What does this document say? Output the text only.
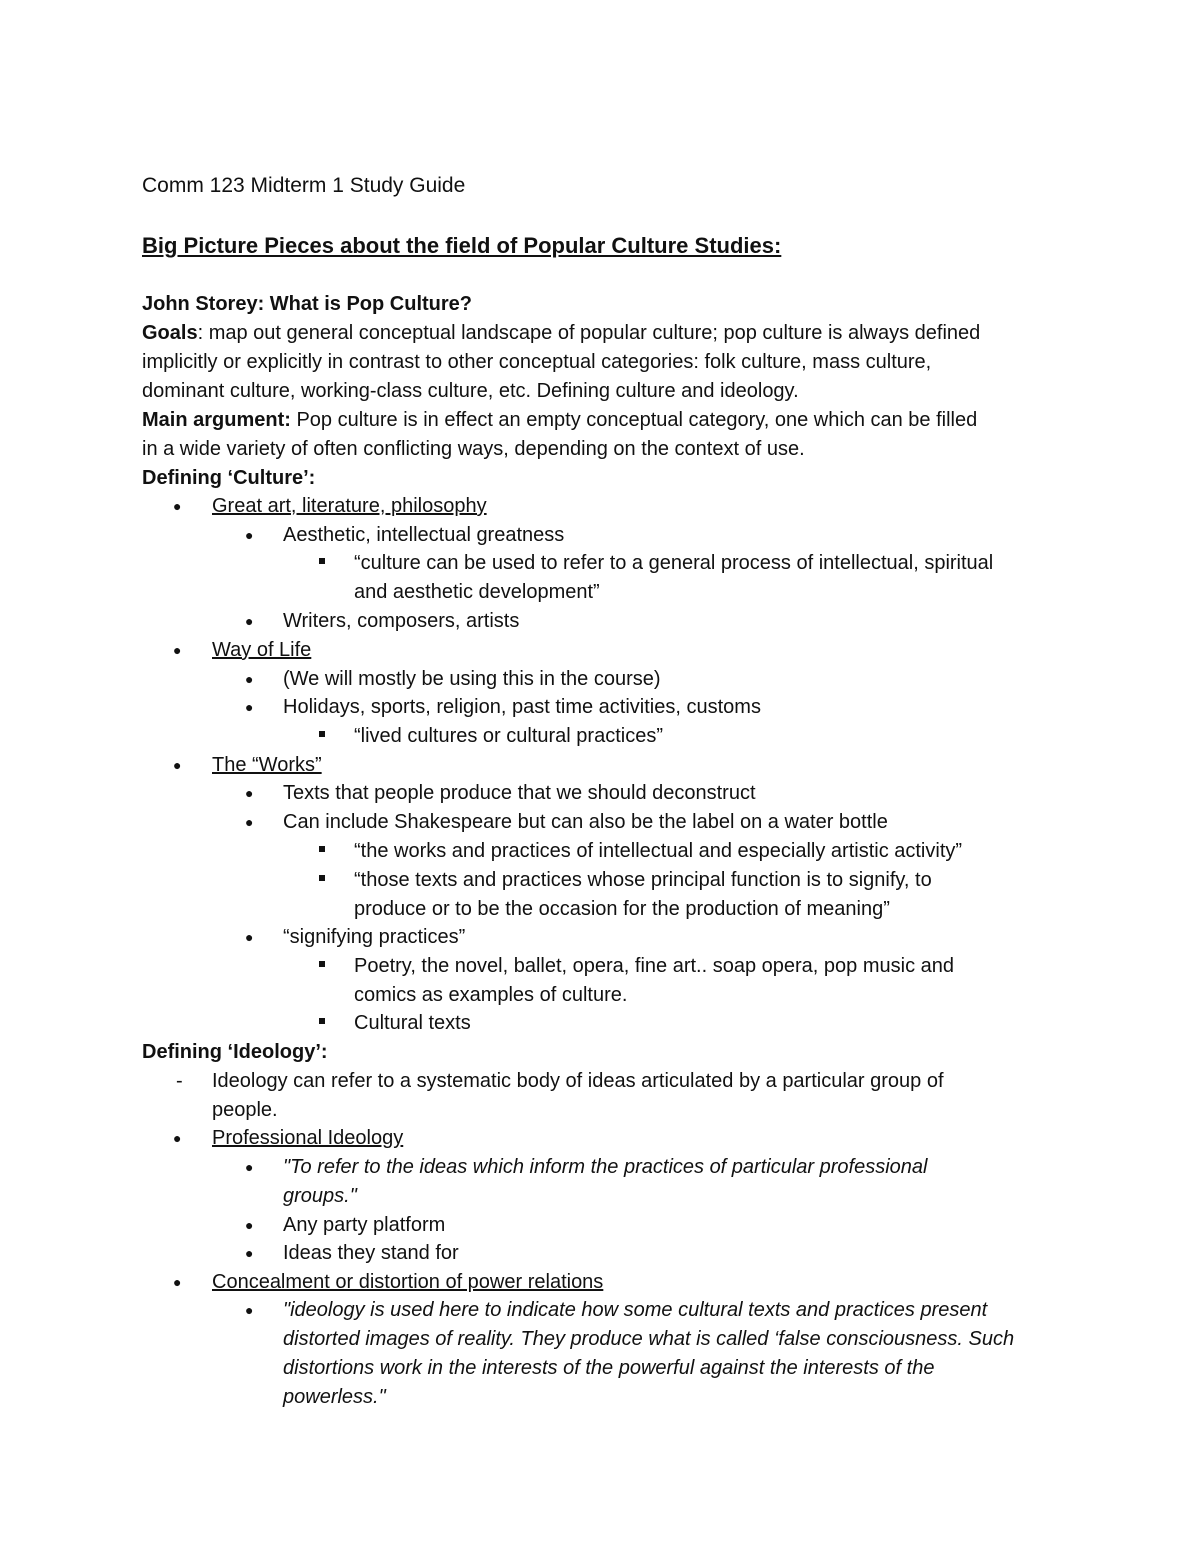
Comm 123 Midterm 1 Study Guide
Big Picture Pieces about the field of Popular Culture Studies:
John Storey: What is Pop Culture?
Goals: map out general conceptual landscape of popular culture; pop culture is always defined
implicitly or explicitly in contrast to other conceptual categories: folk culture, mass culture,
dominant culture, working-class culture, etc. Defining culture and ideology.
Main argument: Pop culture is in effect an empty conceptual category, one which can be filled
in a wide variety of often conflicting ways, depending on the context of use.
Defining ‘Culture’:
● Great art, literature, philosophy
● Aesthetic, intellectual greatness
“culture can be used to refer to a general process of intellectual, spiritual
and aesthetic development”
● Writers, composers, artists
● Way of Life
● (We will mostly be using this in the course)
● Holidays, sports, religion, past time activities, customs
“lived cultures or cultural practices”
● The “Works”
● Texts that people produce that we should deconstruct
● Can include Shakespeare but can also be the label on a water bottle
“the works and practices of intellectual and especially artistic activity”
“those texts and practices whose principal function is to signify, to
produce or to be the occasion for the production of meaning”
● “signifying practices”
Poetry, the novel, ballet, opera, fine art.. soap opera, pop music and
comics as examples of culture.
Cultural texts
Defining ‘Ideology’:
- Ideology can refer to a systematic body of ideas articulated by a particular group of
people.
● Professional Ideology
● "To refer to the ideas which inform the practices of particular professional
groups."
● Any party platform
● Ideas they stand for
● Concealment or distortion of power relations
● "ideology is used here to indicate how some cultural texts and practices present
distorted images of reality. They produce what is called ‘false consciousness. Such
distortions work in the interests of the powerful against the interests of the
powerless."
